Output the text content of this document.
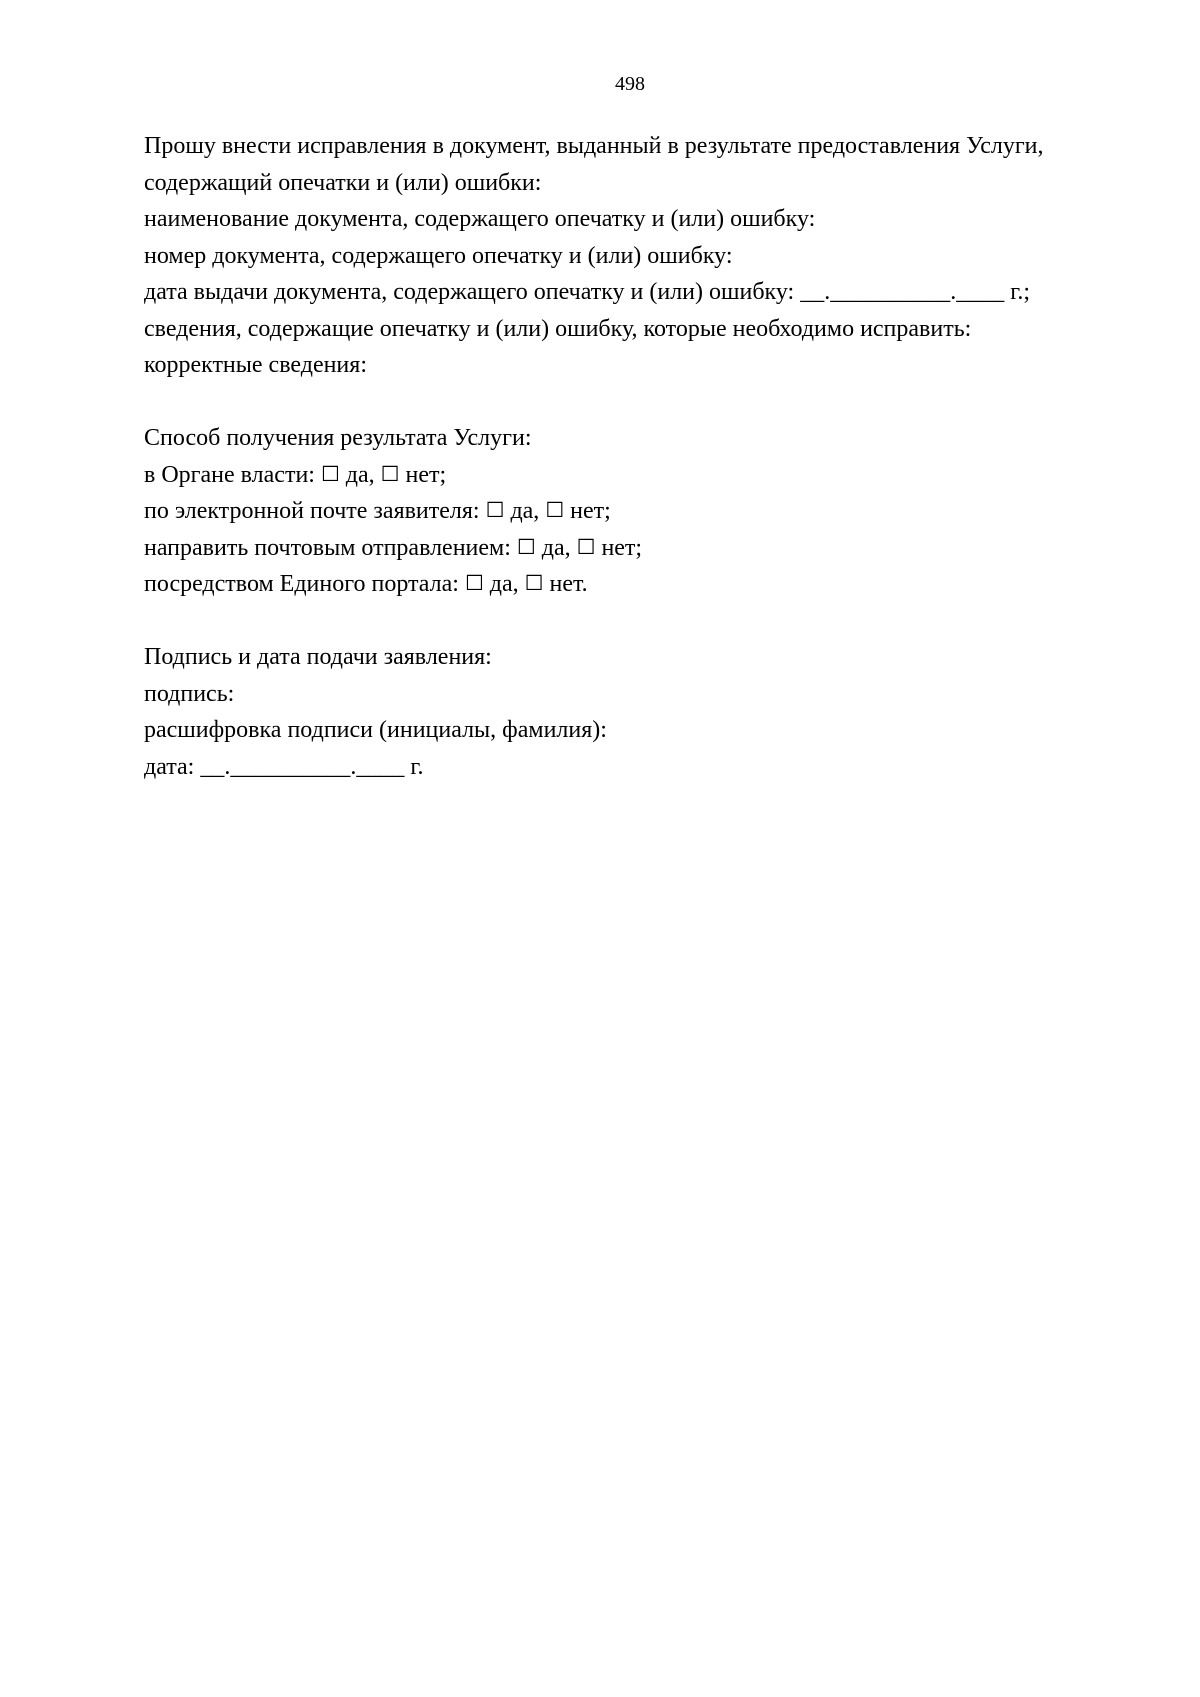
498
Прошу внести исправления в документ, выданный в результате предоставления Услуги,
содержащий опечатки и (или) ошибки:
наименование документа, содержащего опечатку и (или) ошибку:
номер документа, содержащего опечатку и (или) ошибку:
дата выдачи документа, содержащего опечатку и (или) ошибку: __.__________.____ г.;
сведения, содержащие опечатку и (или) ошибку, которые необходимо исправить:
корректные сведения:
Способ получения результата Услуги:
в Органе власти: ☐ да, ☐ нет;
по электронной почте заявителя: ☐ да, ☐ нет;
направить почтовым отправлением: ☐ да, ☐ нет;
посредством Единого портала: ☐ да, ☐ нет.
Подпись и дата подачи заявления:
подпись:
расшифровка подписи (инициалы, фамилия):
дата: __.__________.____ г.
